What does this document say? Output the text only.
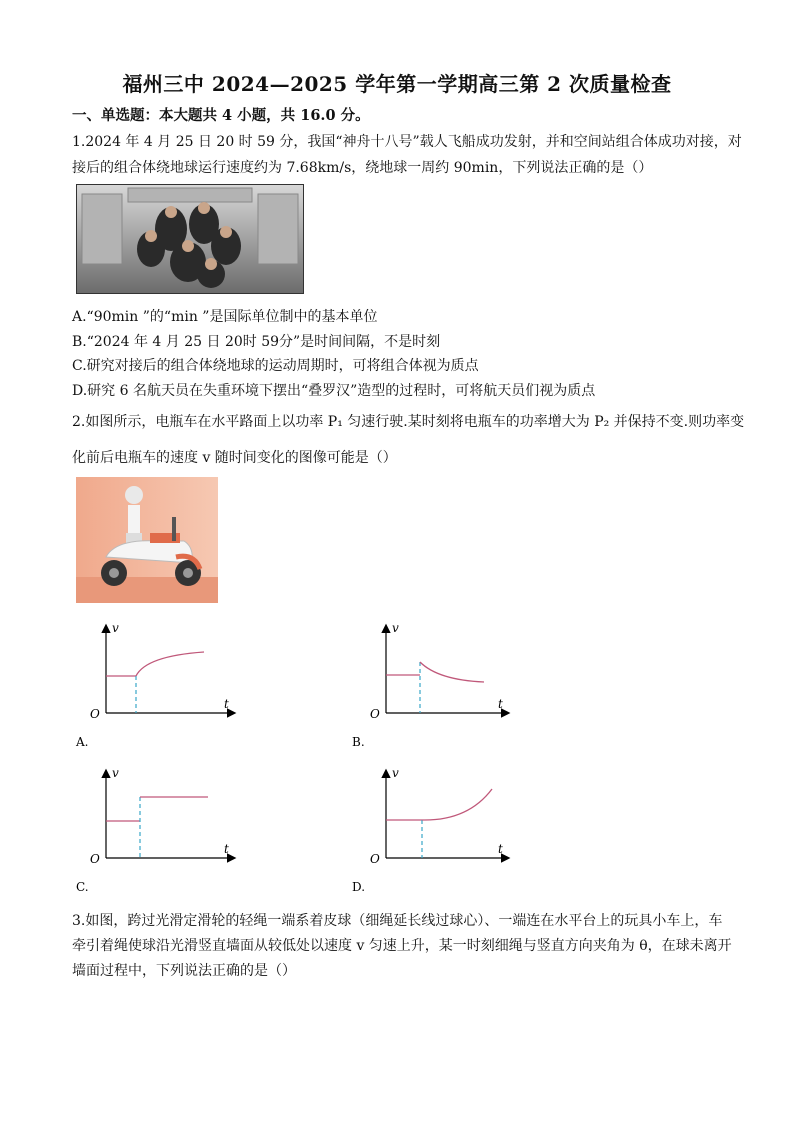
福州三中 2024—2025 学年第一学期高三第 2 次质量检查
一、单选题：本大题共 4 小题，共 16.0 分。
1.2024 年 4 月 25 日 20 时 59 分，我国“神舟十八号”载人飞船成功发射，并和空间站组合体成功对接，对
接后的组合体绕地球运行速度约为 7.68km/s，绕地球一周约 90min，下列说法正确的是（）
A.“90min ”的“min ”是国际单位制中的基本单位
B.“2024 年 4 月 25 日 20时 59分”是时间间隔，不是时刻
C.研究对接后的组合体绕地球的运动周期时，可将组合体视为质点
D.研究 6 名航天员在失重环境下摆出“叠罗汉”造型的过程时，可将航天员们视为质点
2.如图所示，电瓶车在水平路面上以功率 P₁ 匀速行驶.某时刻将电瓶车的功率增大为 P₂ 并保持不变.则功率变
化前后电瓶车的速度 v 随时间变化的图像可能是（）
v
t
O
A.
v
t
O
B.
v
t
O
C.
v
t
O
D.
3.如图，跨过光滑定滑轮的轻绳一端系着皮球（细绳延长线过球心）、一端连在水平台上的玩具小车上，车
牵引着绳使球沿光滑竖直墙面从较低处以速度 v 匀速上升，某一时刻细绳与竖直方向夹角为 θ，在球未离开
墙面过程中，下列说法正确的是（）
